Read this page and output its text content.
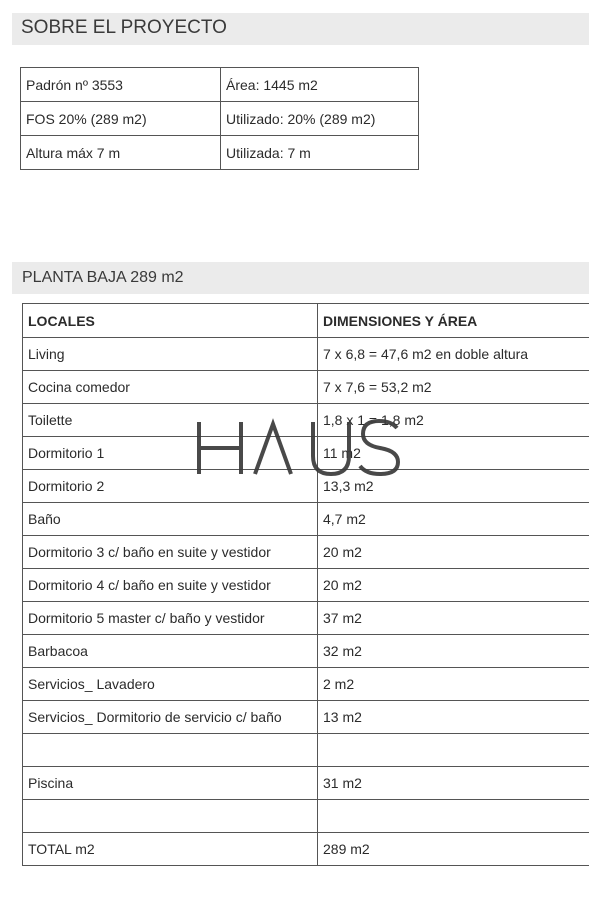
SOBRE EL PROYECTO
Padrón nº 3553	Área: 1445 m2
FOS 20% (289 m2)	Utilizado: 20% (289 m2)
Altura máx 7 m	Utilizada: 7 m
PLANTA BAJA 289 m2
LOCALES	DIMENSIONES Y ÁREA
Living	7 x 6,8 = 47,6 m2 en doble altura
Cocina comedor	7 x 7,6 = 53,2 m2
Toilette	1,8 x 1 = 1,8 m2
Dormitorio 1	11 m2
Dormitorio 2	13,3 m2
Baño	4,7 m2
Dormitorio 3 c/ baño en suite y vestidor	20 m2
Dormitorio 4 c/ baño en suite y vestidor	20 m2
Dormitorio 5 master c/ baño y vestidor	37 m2
Barbacoa	32 m2
Servicios_ Lavadero	2 m2
Servicios_ Dormitorio de servicio c/ baño	13 m2

Piscina	31 m2

TOTAL m2	289 m2
